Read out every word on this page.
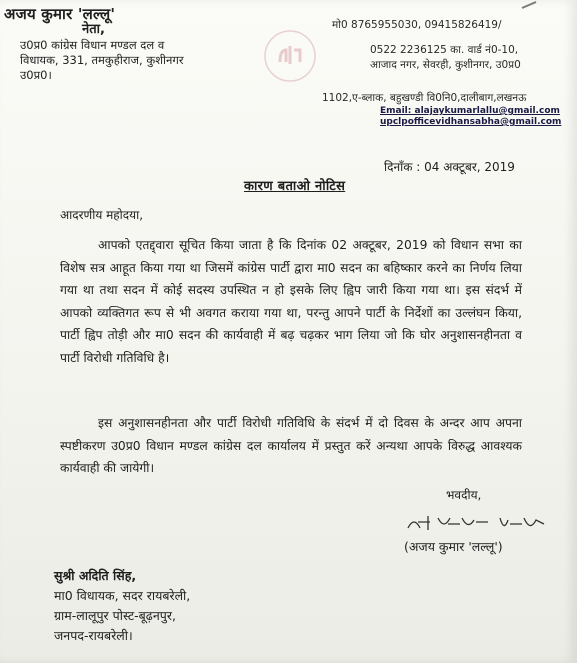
अजय कुमार 'लल्लू'
नेता,
उ0प्र0 कांग्रेस विधान मण्डल दल व
विधायक, 331, तमकुहीराज, कुशीनगर
उ0प्र0।
मो0 8765955030, 09415826419/
0522 2236125 का. वार्ड नं0-10,
आजाद नगर, सेवरही, कुशीनगर, उ0प्र0
1102,ए-ब्लाक, बहुखण्डी वि0नि0,दालीबाग,लखनऊ
Email: alajaykumarlallu@gmail.com
upclpofficevidhansabha@gmail.com
दिनाँक : 04 अक्टूबर, 2019
कारण बताओ नोटिस
आदरणीय महोदया,
आपको एतद्द्वारा सूचित किया जाता है कि दिनांक 02 अक्टूबर, 2019 को विधान सभा का विशेष सत्र आहूत किया गया था जिसमें कांग्रेस पार्टी द्वारा मा0 सदन का बहिष्कार करने का निर्णय लिया गया था तथा सदन में कोई सदस्य उपस्थित न हो इसके लिए ह्विप जारी किया गया था। इस संदर्भ में आपको व्यक्तिगत रूप से भी अवगत कराया गया था, परन्तु आपने पार्टी के निर्देशों का उल्लंघन किया, पार्टी ह्विप तोड़ी और मा0 सदन की कार्यवाही में बढ़ चढ़कर भाग लिया जो कि घोर अनुशासनहीनता व पार्टी विरोधी गतिविधि है।
इस अनुशासनहीनता और पार्टी विरोधी गतिविधि के संदर्भ में दो दिवस के अन्दर आप अपना स्पष्टीकरण उ0प्र0 विधान मण्डल कांग्रेस दल कार्यालय में प्रस्तुत करें अन्यथा आपके विरुद्ध आवश्यक कार्यवाही की जायेगी।
भवदीय,
(अजय कुमार 'लल्लू')
सुश्री अदिति सिंह,
मा0 विधायक, सदर रायबरेली,
ग्राम-लालूपुर पोस्ट-बूढ़नपुर,
जनपद-रायबरेली।
